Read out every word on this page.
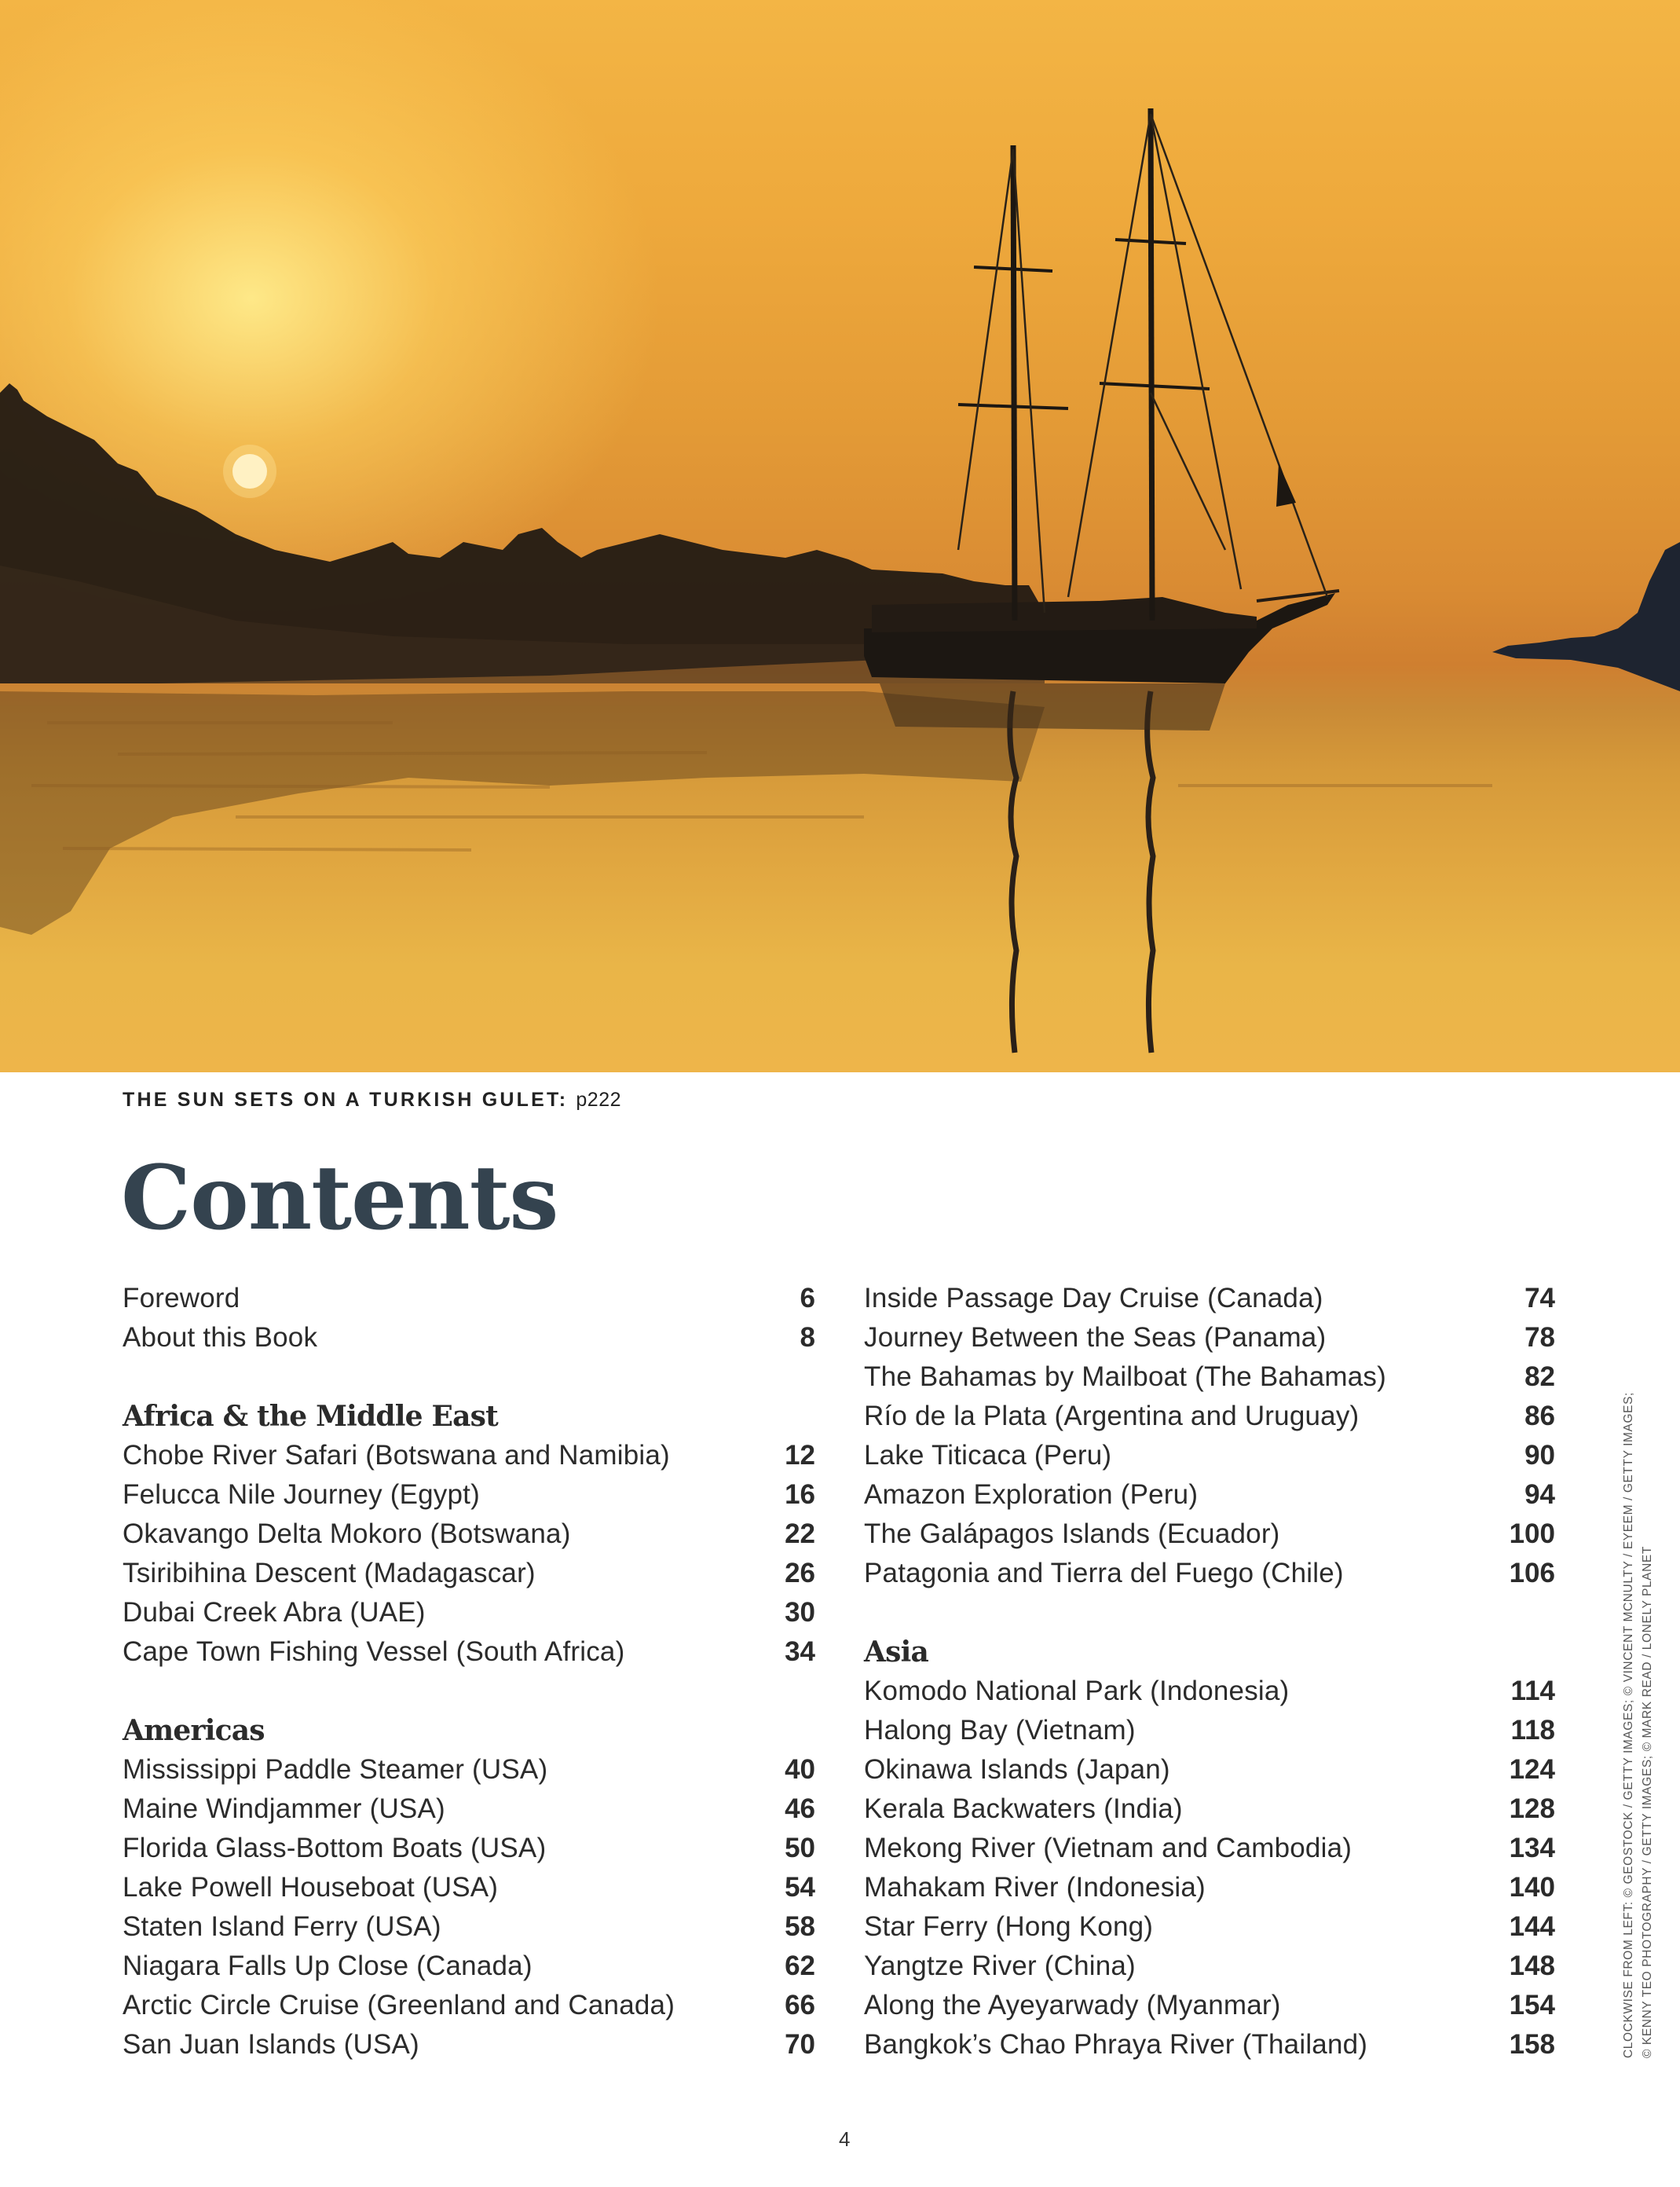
THE SUN SETS ON A TURKISH GULET: p222
Contents
Foreword	6
About this Book	8
Africa & the Middle East
Chobe River Safari (Botswana and Namibia)	12
Felucca Nile Journey (Egypt)	16
Okavango Delta Mokoro (Botswana)	22
Tsiribihina Descent (Madagascar)	26
Dubai Creek Abra (UAE)	30
Cape Town Fishing Vessel (South Africa)	34
Americas
Mississippi Paddle Steamer (USA)	40
Maine Windjammer (USA)	46
Florida Glass-Bottom Boats (USA)	50
Lake Powell Houseboat (USA)	54
Staten Island Ferry (USA)	58
Niagara Falls Up Close (Canada)	62
Arctic Circle Cruise (Greenland and Canada)	66
San Juan Islands (USA)	70
Inside Passage Day Cruise (Canada)	74
Journey Between the Seas (Panama)	78
The Bahamas by Mailboat (The Bahamas)	82
Río de la Plata (Argentina and Uruguay)	86
Lake Titicaca (Peru)	90
Amazon Exploration (Peru)	94
The Galápagos Islands (Ecuador)	100
Patagonia and Tierra del Fuego (Chile)	106
Asia
Komodo National Park (Indonesia)	114
Halong Bay (Vietnam)	118
Okinawa Islands (Japan)	124
Kerala Backwaters (India)	128
Mekong River (Vietnam and Cambodia)	134
Mahakam River (Indonesia)	140
Star Ferry (Hong Kong)	144
Yangtze River (China)	148
Along the Ayeyarwady (Myanmar)	154
Bangkok’s Chao Phraya River (Thailand)	158	CLOCKWISE FROM LEFT: © GEOSTOCK / GETTY IMAGES; © VINCENT MCNULTY / EYEEM / GETTY IMAGES; © KENNY TEO PHOTOGRAPHY / GETTY IMAGES; © MARK READ / LONELY PLANET
4
